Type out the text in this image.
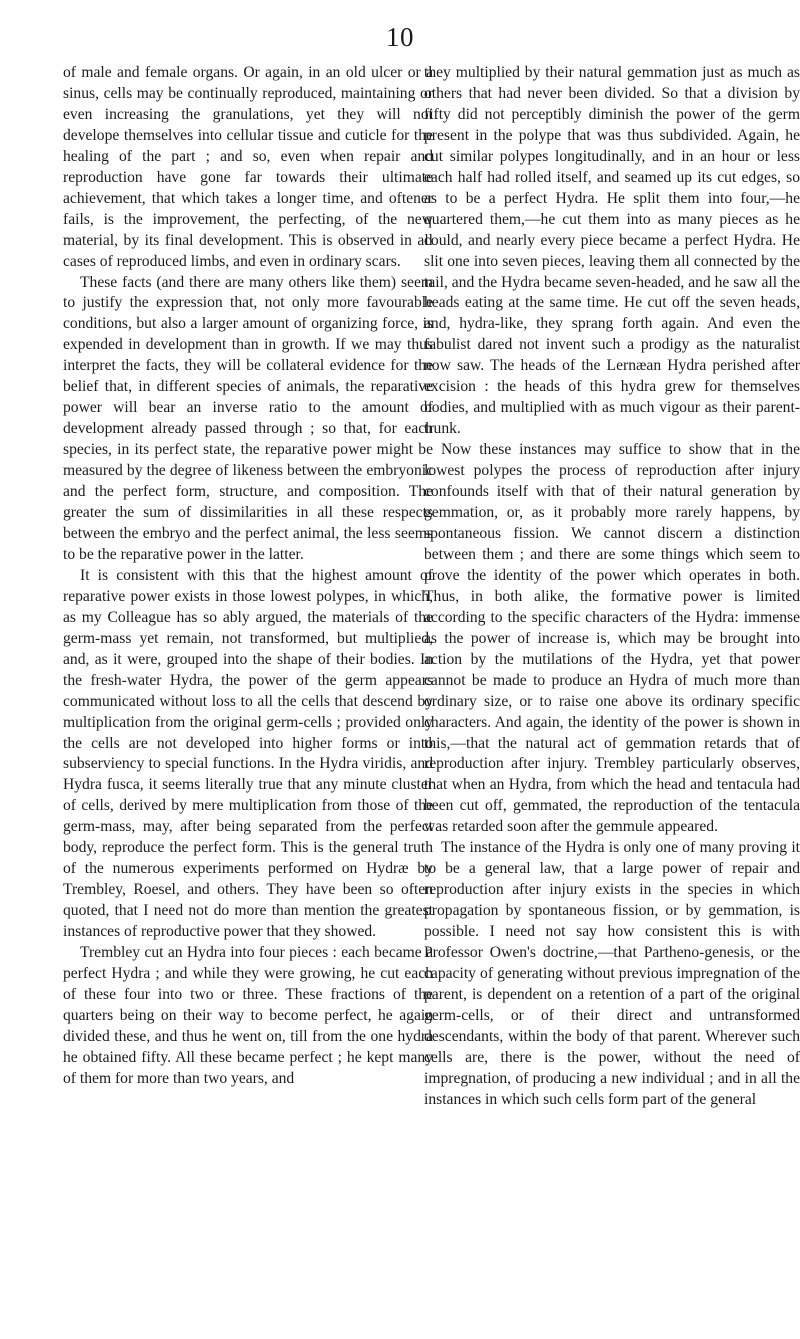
10

of male and female organs. Or again, in an old ulcer or a sinus, cells may be continually reproduced, maintaining or even increasing the granulations, yet they will not develope themselves into cellular tissue and cuticle for the healing of the part ; and so, even when repair and reproduction have gone far towards their ultimate achievement, that which takes a longer time, and oftener fails, is the improvement, the perfecting, of the new material, by its final development. This is observed in all cases of reproduced limbs, and even in ordinary scars.

These facts (and there are many others like them) seem to justify the expression that, not only more favourable conditions, but also a larger amount of organizing force, is expended in development than in growth. If we may thus interpret the facts, they will be collateral evidence for the belief that, in different species of animals, the reparative power will bear an inverse ratio to the amount of development already passed through ; so that, for each species, in its perfect state, the reparative power might be measured by the degree of likeness between the embryonic and the perfect form, structure, and composition. The greater the sum of dissimilarities in all these respects between the embryo and the perfect animal, the less seems to be the reparative power in the latter.

It is consistent with this that the highest amount of reparative power exists in those lowest polypes, in which, as my Colleague has so ably argued, the materials of the germ-mass yet remain, not transformed, but multiplied, and, as it were, grouped into the shape of their bodies. In the fresh-water Hydra, the power of the germ appears communicated without loss to all the cells that descend by multiplication from the original germ-cells ; provided only the cells are not developed into higher forms or into subserviency to special functions. In the Hydra viridis, and Hydra fusca, it seems literally true that any minute cluster of cells, derived by mere multiplication from those of the germ-mass, may, after being separated from the perfect body, reproduce the perfect form. This is the general truth of the numerous experiments performed on Hydræ by Trembley, Roesel, and others. They have been so often quoted, that I need not do more than mention the greatest instances of reproductive power that they showed.

Trembley cut an Hydra into four pieces : each became a perfect Hydra ; and while they were growing, he cut each of these four into two or three. These fractions of the quarters being on their way to become perfect, he again divided these, and thus he went on, till from the one hydra he obtained fifty. All these became perfect ; he kept many of them for more than two years, and

they multiplied by their natural gemmation just as much as others that had never been divided. So that a division by fifty did not perceptibly diminish the power of the germ present in the polype that was thus subdivided. Again, he cut similar polypes longitudinally, and in an hour or less each half had rolled itself, and seamed up its cut edges, so as to be a perfect Hydra. He split them into four,—he quartered them,—he cut them into as many pieces as he could, and nearly every piece became a perfect Hydra. He slit one into seven pieces, leaving them all connected by the tail, and the Hydra became seven-headed, and he saw all the heads eating at the same time. He cut off the seven heads, and, hydra-like, they sprang forth again. And even the fabulist dared not invent such a prodigy as the naturalist now saw. The heads of the Lernæan Hydra perished after excision : the heads of this hydra grew for themselves bodies, and multiplied with as much vigour as their parent-trunk.

Now these instances may suffice to show that in the lowest polypes the process of reproduction after injury confounds itself with that of their natural generation by gemmation, or, as it probably more rarely happens, by spontaneous fission. We cannot discern a distinction between them ; and there are some things which seem to prove the identity of the power which operates in both. Thus, in both alike, the formative power is limited according to the specific characters of the Hydra: immense as the power of increase is, which may be brought into action by the mutilations of the Hydra, yet that power cannot be made to produce an Hydra of much more than ordinary size, or to raise one above its ordinary specific characters. And again, the identity of the power is shown in this,—that the natural act of gemmation retards that of reproduction after injury. Trembley particularly observes, that when an Hydra, from which the head and tentacula had been cut off, gemmated, the reproduction of the tentacula was retarded soon after the gemmule appeared.

The instance of the Hydra is only one of many proving it to be a general law, that a large power of repair and reproduction after injury exists in the species in which propagation by spontaneous fission, or by gemmation, is possible. I need not say how consistent this is with Professor Owen's doctrine,—that Partheno-genesis, or the capacity of generating without previous impregnation of the parent, is dependent on a retention of a part of the original germ-cells, or of their direct and untransformed descendants, within the body of that parent. Wherever such cells are, there is the power, without the need of impregnation, of producing a new individual ; and in all the instances in which such cells form part of the general
